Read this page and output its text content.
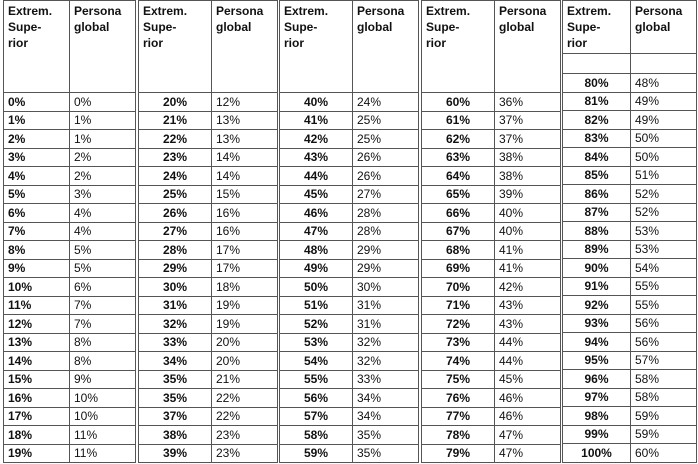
Extrem.
Supe-
rior	Persona
global
0%	0%
1%	1%
2%	1%
3%	2%
4%	2%
5%	3%
6%	4%
7%	4%
8%	5%
9%	5%
10%	6%
11%	7%
12%	7%
13%	8%
14%	8%
15%	9%
16%	10%
17%	10%
18%	11%
19%	11%
Extrem.
Supe-
rior	Persona
global
20%	12%
21%	13%
22%	13%
23%	14%
24%	14%
25%	15%
26%	16%
27%	16%
28%	17%
29%	17%
30%	18%
31%	19%
32%	19%
33%	20%
34%	20%
35%	21%
35%	22%
37%	22%
38%	23%
39%	23%
Extrem.
Supe-
rior	Persona
global
40%	24%
41%	25%
42%	25%
43%	26%
44%	26%
45%	27%
46%	28%
47%	28%
48%	29%
49%	29%
50%	30%
51%	31%
52%	31%
53%	32%
54%	32%
55%	33%
56%	34%
57%	34%
58%	35%
59%	35%
Extrem.
Supe-
rior	Persona
global
60%	36%
61%	37%
62%	37%
63%	38%
64%	38%
65%	39%
66%	40%
67%	40%
68%	41%
69%	41%
70%	42%
71%	43%
72%	43%
73%	44%
74%	44%
75%	45%
76%	46%
77%	46%
78%	47%
79%	47%
Extrem.
Supe-
rior	Persona
global

80%	48%
81%	49%
82%	49%
83%	50%
84%	50%
85%	51%
86%	52%
87%	52%
88%	53%
89%	53%
90%	54%
91%	55%
92%	55%
93%	56%
94%	56%
95%	57%
96%	58%
97%	58%
98%	59%
99%	59%
100%	60%
